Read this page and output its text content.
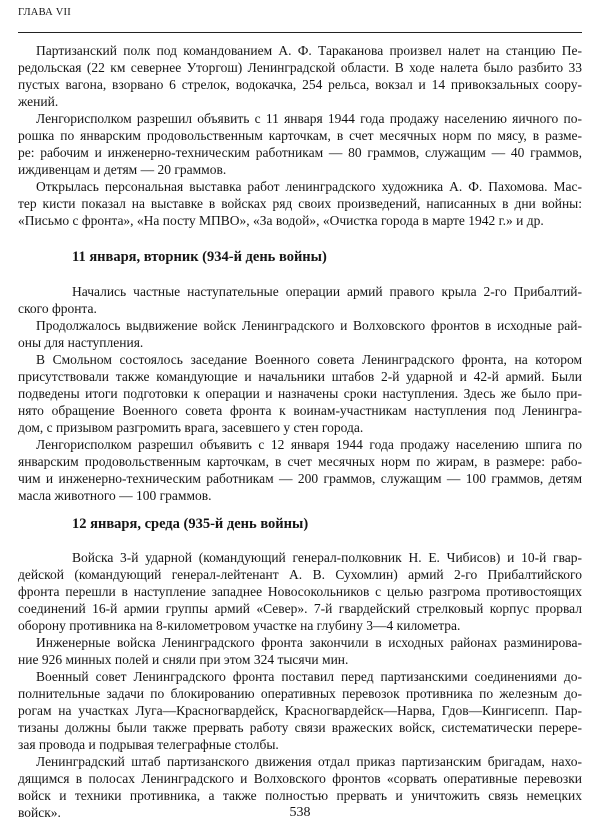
ГЛАВА VII
Партизанский полк под командованием А. Ф. Тараканова произвел налет на станцию Пе-
редольская (22 км севернее Уторгош) Ленинградской области. В ходе налета было разбито 33
пустых вагона, взорвано 6 стрелок, водокачка, 254 рельса, вокзал и 14 привокзальных соору-
жений.
Ленгорисполком разрешил объявить с 11 января 1944 года продажу населению яичного по-
рошка по январским продовольственным карточкам, в счет месячных норм по мясу, в разме-
ре: рабочим и инженерно-техническим работникам — 80 граммов, служащим — 40 граммов,
иждивенцам и детям — 20 граммов.
Открылась персональная выставка работ ленинградского художника А. Ф. Пахомова. Мас-
тер кисти показал на выставке в войсках ряд своих произведений, написанных в дни войны:
«Письмо с фронта», «На посту МПВО», «За водой», «Очистка города в марте 1942 г.» и др.
11 января, вторник (934-й день войны)
Начались частные наступательные операции армий правого крыла 2-го Прибалтий-
ского фронта.
Продолжалось выдвижение войск Ленинградского и Волховского фронтов в исходные рай-
оны для наступления.
В Смольном состоялось заседание Военного совета Ленинградского фронта, на котором
присутствовали также командующие и начальники штабов 2-й ударной и 42-й армий. Были
подведены итоги подготовки к операции и назначены сроки наступления. Здесь же было при-
нято обращение Военного совета фронта к воинам-участникам наступления под Ленингра-
дом, с призывом разгромить врага, засевшего у стен города.
Ленгорисполком разрешил объявить с 12 января 1944 года продажу населению шпига по
январским продовольственным карточкам, в счет месячных норм по жирам, в размере: рабо-
чим и инженерно-техническим работникам — 200 граммов, служащим — 100 граммов, детям
масла животного — 100 граммов.
12 января, среда (935-й день войны)
Войска 3-й ударной (командующий генерал-полковник Н. Е. Чибисов) и 10-й гвар-
дейской (командующий генерал-лейтенант А. В. Сухомлин) армий 2-го Прибалтийского
фронта перешли в наступление западнее Новосокольников с целью разгрома противостоящих
соединений 16-й армии группы армий «Север». 7-й гвардейский стрелковый корпус прорвал
оборону противника на 8-километровом участке на глубину 3—4 километра.
Инженерные войска Ленинградского фронта закончили в исходных районах разминирова-
ние 926 минных полей и сняли при этом 324 тысячи мин.
Военный совет Ленинградского фронта поставил перед партизанскими соединениями до-
полнительные задачи по блокированию оперативных перевозок противника по железным до-
рогам на участках Луга—Красногвардейск, Красногвардейск—Нарва, Гдов—Кингисепп. Пар-
тизаны должны были также прервать работу связи вражеских войск, систематически перере-
зая провода и подрывая телеграфные столбы.
Ленинградский штаб партизанского движения отдал приказ партизанским бригадам, нахо-
дящимся в полосах Ленинградского и Волховского фронтов «сорвать оперативные перевозки
войск и техники противника, а также полностью прервать и уничтожить связь немецких
войск».	538
